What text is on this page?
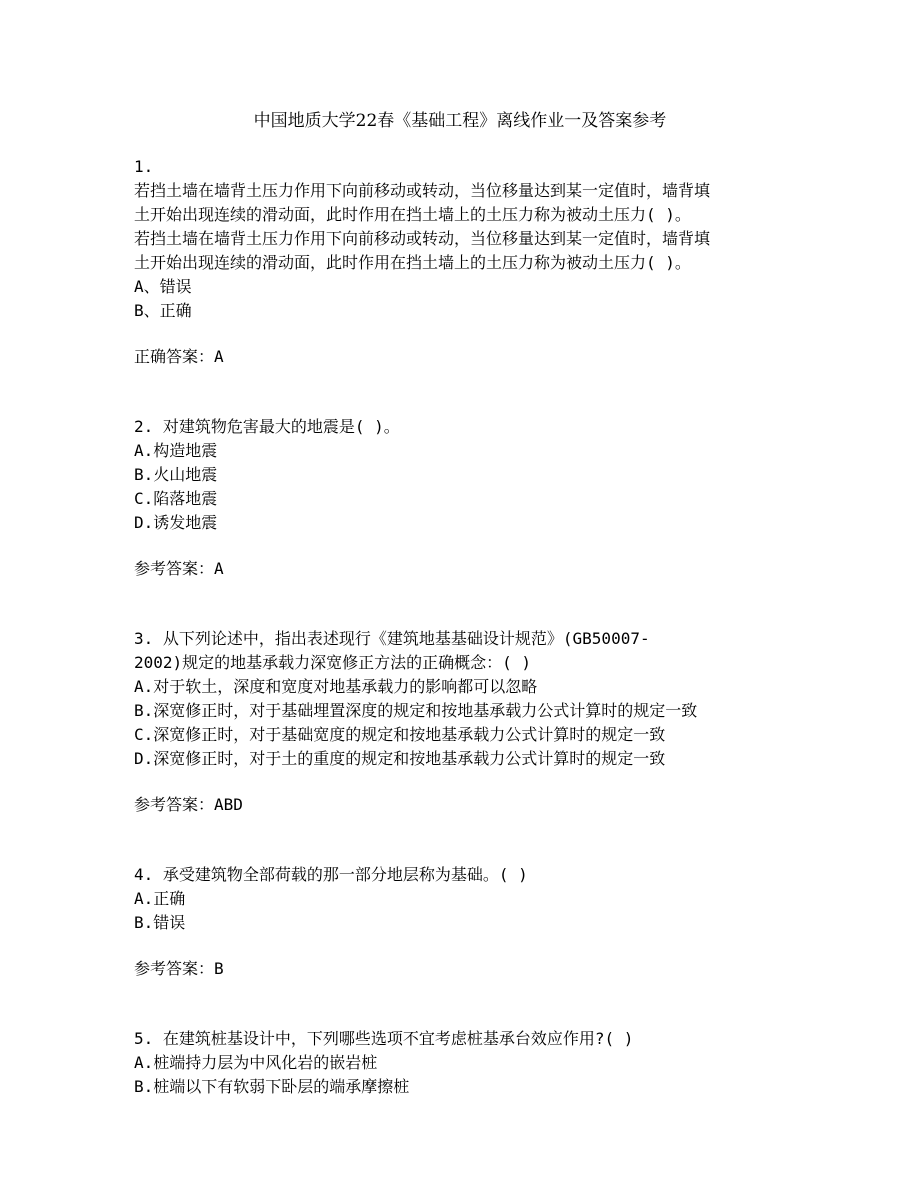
中国地质大学22春《基础工程》离线作业一及答案参考
1.
若挡土墙在墙背土压力作用下向前移动或转动，当位移量达到某一定值时，墙背填
土开始出现连续的滑动面，此时作用在挡土墙上的土压力称为被动土压力( )。
若挡土墙在墙背土压力作用下向前移动或转动，当位移量达到某一定值时，墙背填
土开始出现连续的滑动面，此时作用在挡土墙上的土压力称为被动土压力( )。
A、错误
B、正确
正确答案：A
2. 对建筑物危害最大的地震是( )。
A.构造地震
B.火山地震
C.陷落地震
D.诱发地震
参考答案：A
3. 从下列论述中，指出表述现行《建筑地基基础设计规范》(GB50007-
2002)规定的地基承载力深宽修正方法的正确概念：( )
A.对于软土，深度和宽度对地基承载力的影响都可以忽略
B.深宽修正时，对于基础埋置深度的规定和按地基承载力公式计算时的规定一致
C.深宽修正时，对于基础宽度的规定和按地基承载力公式计算时的规定一致
D.深宽修正时，对于土的重度的规定和按地基承载力公式计算时的规定一致
参考答案：ABD
4. 承受建筑物全部荷载的那一部分地层称为基础。( )
A.正确
B.错误
参考答案：B
5. 在建筑桩基设计中，下列哪些选项不宜考虑桩基承台效应作用?( )
A.桩端持力层为中风化岩的嵌岩桩
B.桩端以下有软弱下卧层的端承摩擦桩
